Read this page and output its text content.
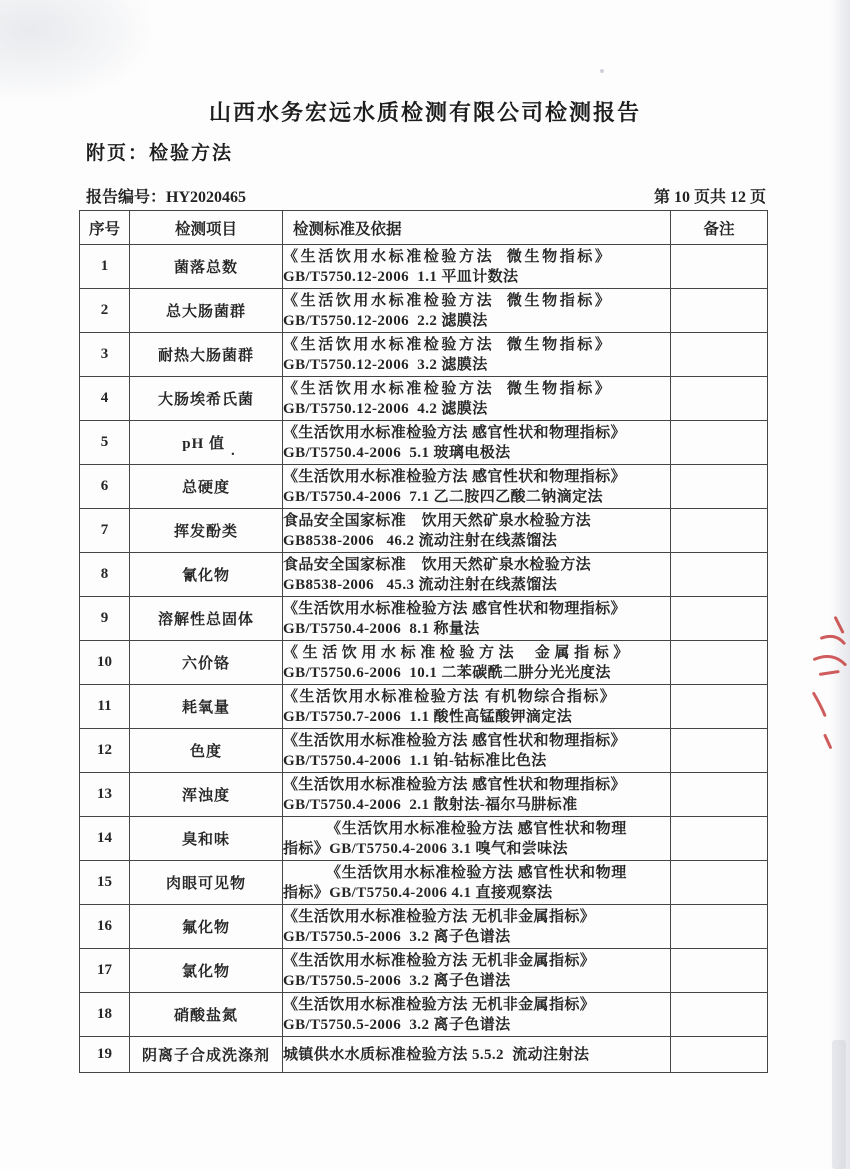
山西水务宏远水质检测有限公司检测报告
附页：检验方法
报告编号：HY2020465	第 10 页共 12 页
序号	检测项目	检测标准及依据	备注
1	菌落总数	《生活饮用水标准检验方法  微生物指标》
GB/T5750.12-2006  1.1 平皿计数法	

2	总大肠菌群	《生活饮用水标准检验方法  微生物指标》
GB/T5750.12-2006  2.2 滤膜法	

3	耐热大肠菌群	《生活饮用水标准检验方法  微生物指标》
GB/T5750.12-2006  3.2 滤膜法	

4	大肠埃希氏菌	《生活饮用水标准检验方法  微生物指标》
GB/T5750.12-2006  4.2 滤膜法	

5	pH 值 .	《生活饮用水标准检验方法 感官性状和物理指标》
GB/T5750.4-2006  5.1 玻璃电极法	

6	总硬度	《生活饮用水标准检验方法 感官性状和物理指标》
GB/T5750.4-2006  7.1 乙二胺四乙酸二钠滴定法	

7	挥发酚类	食品安全国家标准　饮用天然矿泉水检验方法
GB8538-2006   46.2 流动注射在线蒸馏法	

8	氰化物	食品安全国家标准　饮用天然矿泉水检验方法
GB8538-2006   45.3 流动注射在线蒸馏法	

9	溶解性总固体	《生活饮用水标准检验方法 感官性状和物理指标》
GB/T5750.4-2006  8.1 称量法	

10	六价铬	《生活饮用水标准检验方法  金属指标》
GB/T5750.6-2006  10.1 二苯碳酰二肼分光光度法	

11	耗氧量	《生活饮用水标准检验方法 有机物综合指标》
GB/T5750.7-2006  1.1 酸性高锰酸钾滴定法	

12	色度	《生活饮用水标准检验方法 感官性状和物理指标》
GB/T5750.4-2006  1.1 铂-钴标准比色法	

13	浑浊度	《生活饮用水标准检验方法 感官性状和物理指标》
GB/T5750.4-2006  2.1 散射法-福尔马肼标准	

14	臭和味	《生活饮用水标准检验方法 感官性状和物理
指标》GB/T5750.4-2006 3.1 嗅气和尝味法	

15	肉眼可见物	《生活饮用水标准检验方法 感官性状和物理
指标》GB/T5750.4-2006 4.1 直接观察法	

16	氟化物	《生活饮用水标准检验方法 无机非金属指标》
GB/T5750.5-2006  3.2 离子色谱法	

17	氯化物	《生活饮用水标准检验方法 无机非金属指标》
GB/T5750.5-2006  3.2 离子色谱法	

18	硝酸盐氮	《生活饮用水标准检验方法 无机非金属指标》
GB/T5750.5-2006  3.2 离子色谱法	

19	阴离子合成洗涤剂	城镇供水水质标准检验方法 5.5.2  流动注射法	
